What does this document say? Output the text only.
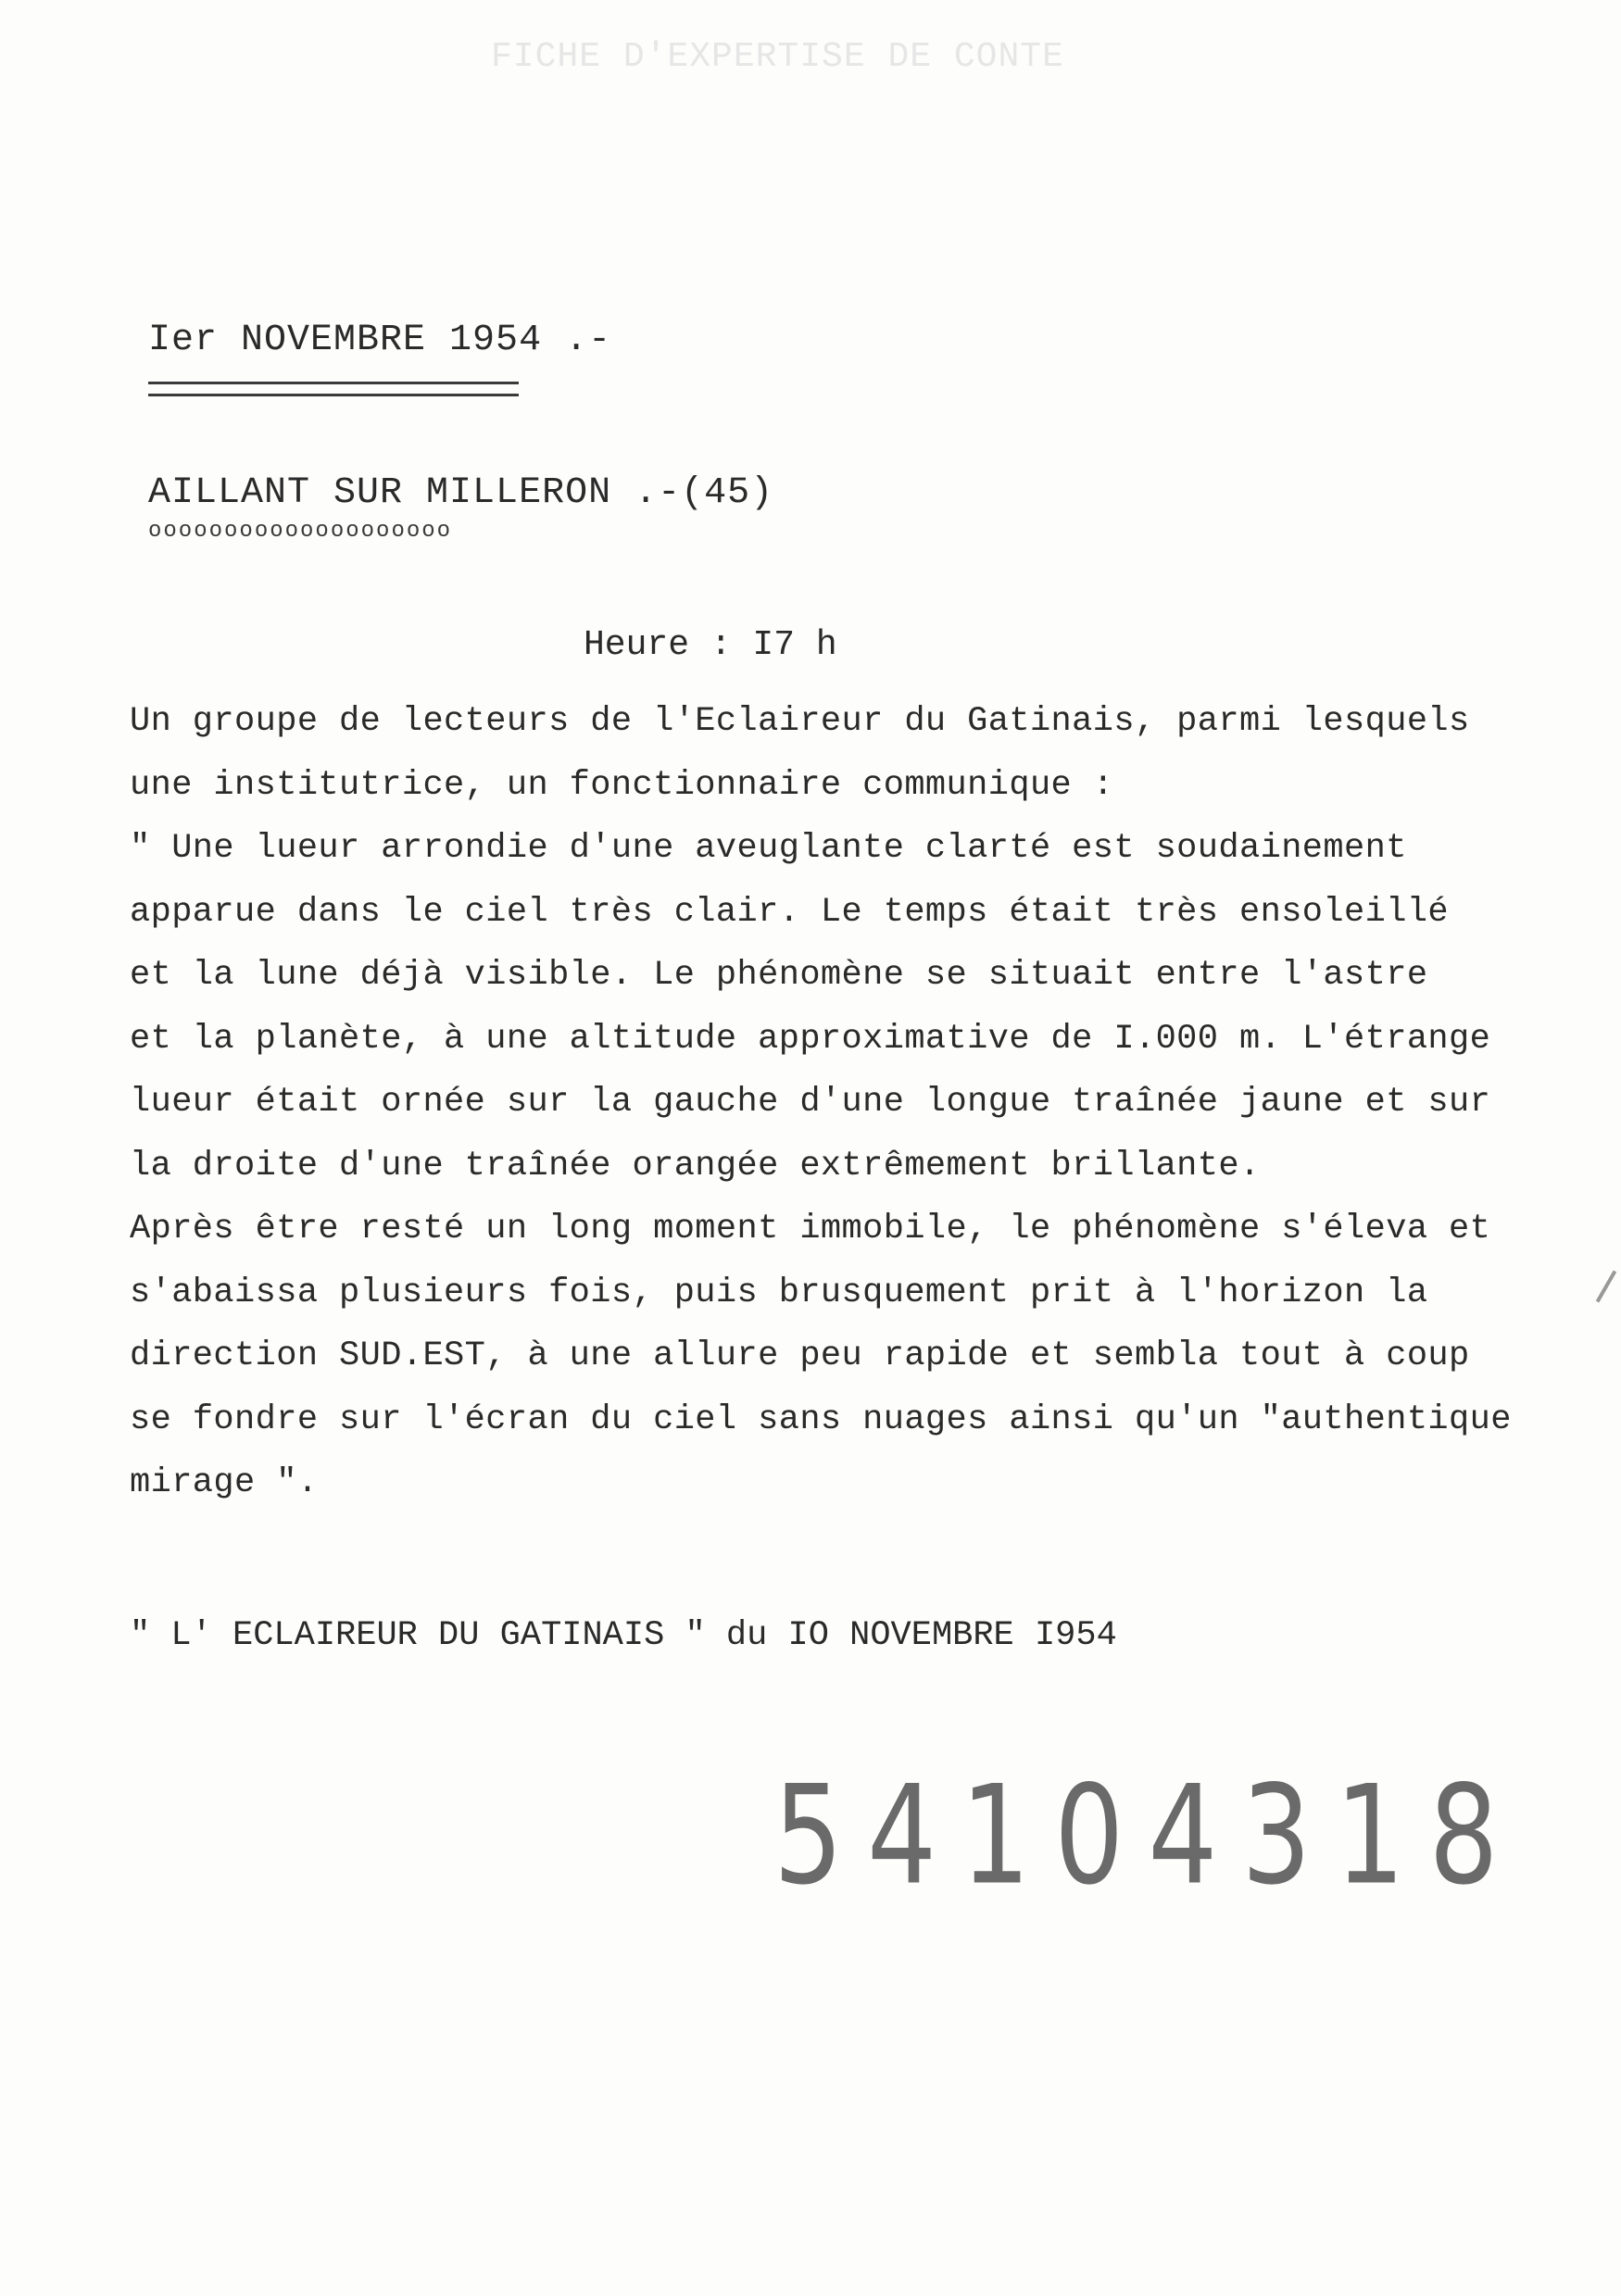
FICHE D'EXPERTISE DE CONTE
Ier NOVEMBRE 1954 .-
AILLANT SUR MILLERON .-(45)
oooooooooooooooooooo
Heure : I7 h
Un groupe de lecteurs de l'Eclaireur du Gatinais, parmi lesquels
une institutrice, un fonctionnaire communique :
" Une lueur arrondie d'une aveuglante clarté est soudainement
apparue dans le ciel très clair. Le temps était très ensoleillé
et la lune déjà visible. Le phénomène se situait entre l'astre
et la planète, à une altitude approximative de I.000 m. L'étrange
lueur était ornée sur la gauche d'une longue traînée jaune et sur
la droite d'une traînée orangée extrêmement brillante.
Après être resté un long moment immobile, le phénomène s'éleva et
s'abaissa plusieurs fois, puis brusquement prit à l'horizon la
direction SUD.EST, à une allure peu rapide et sembla tout à coup
se fondre sur l'écran du ciel sans nuages ainsi qu'un "authentique
mirage ".
" L' ECLAIREUR DU GATINAIS " du IO NOVEMBRE I954
54104318
